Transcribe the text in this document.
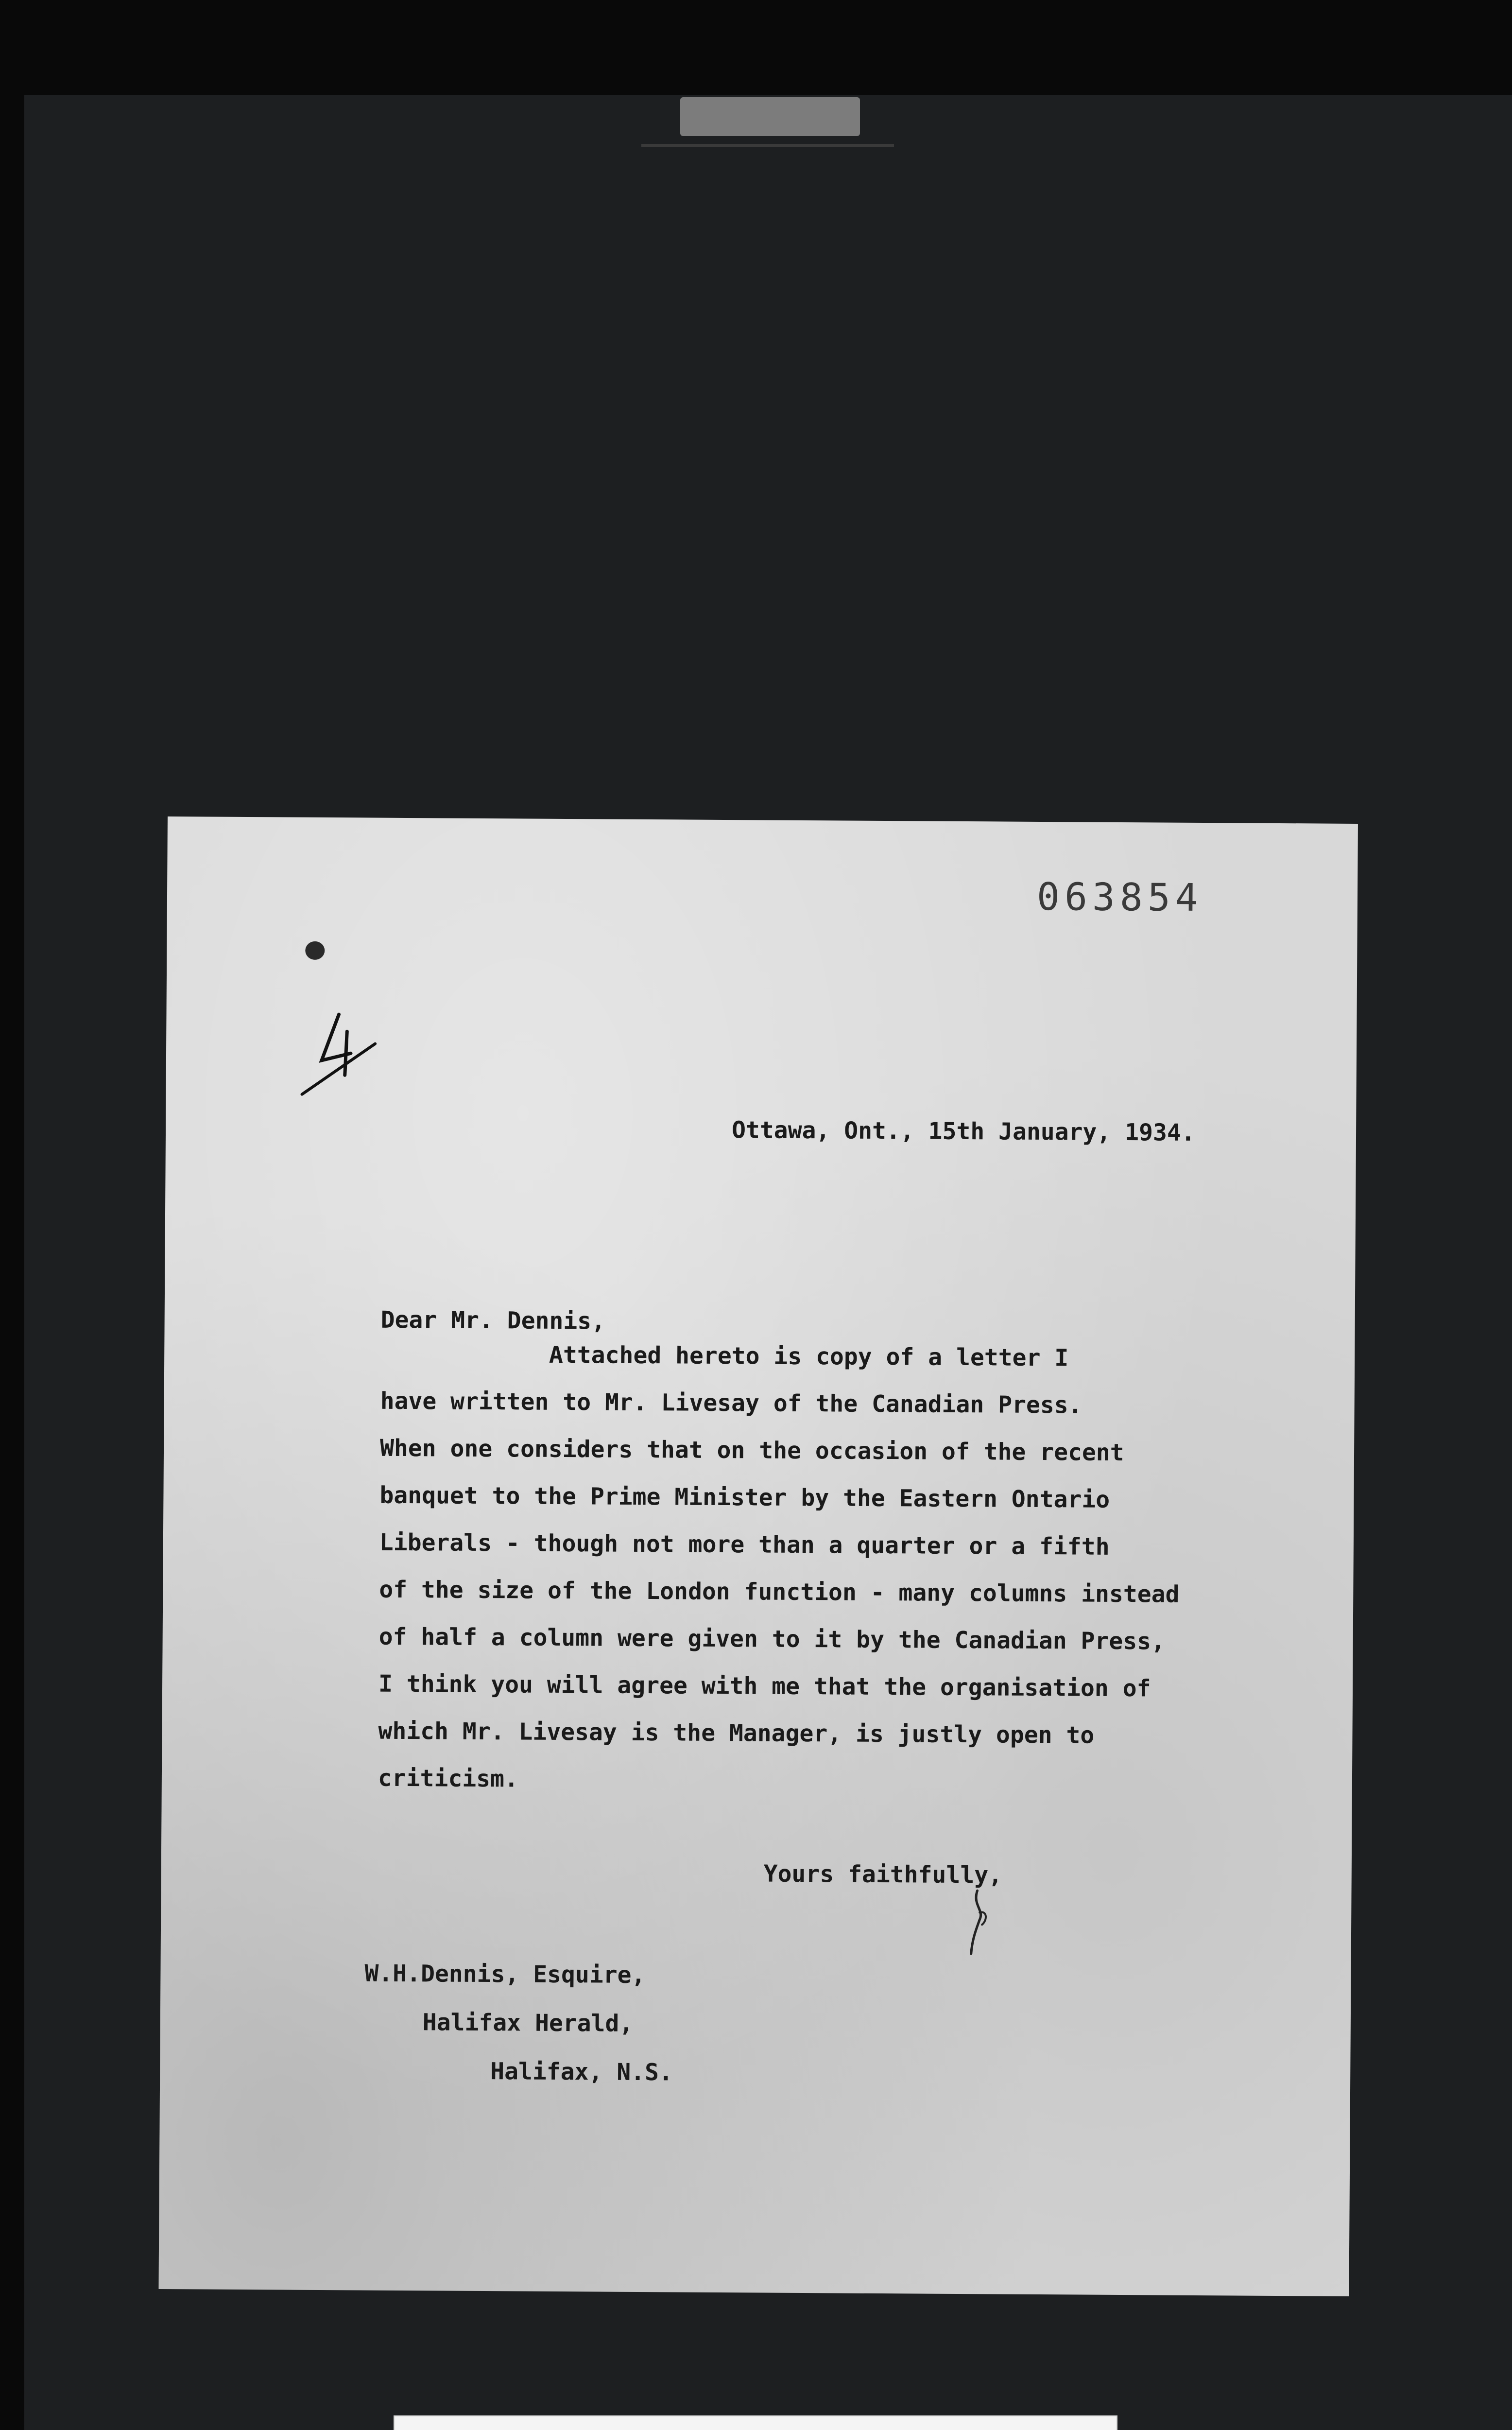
063854
Ottawa, Ont., 15th January, 1934.
Dear Mr. Dennis,
Attached hereto is copy of a letter I
have written to Mr. Livesay of the Canadian Press.
When one considers that on the occasion of the recent
banquet to the Prime Minister by the Eastern Ontario
Liberals - though not more than a quarter or a fifth
of the size of the London function - many columns instead
of half a column were given to it by the Canadian Press,
I think you will agree with me that the organisation of
which Mr. Livesay is the Manager, is justly open to
criticism.
Yours faithfully,
W.H.Dennis, Esquire,
Halifax Herald,
Halifax, N.S.
